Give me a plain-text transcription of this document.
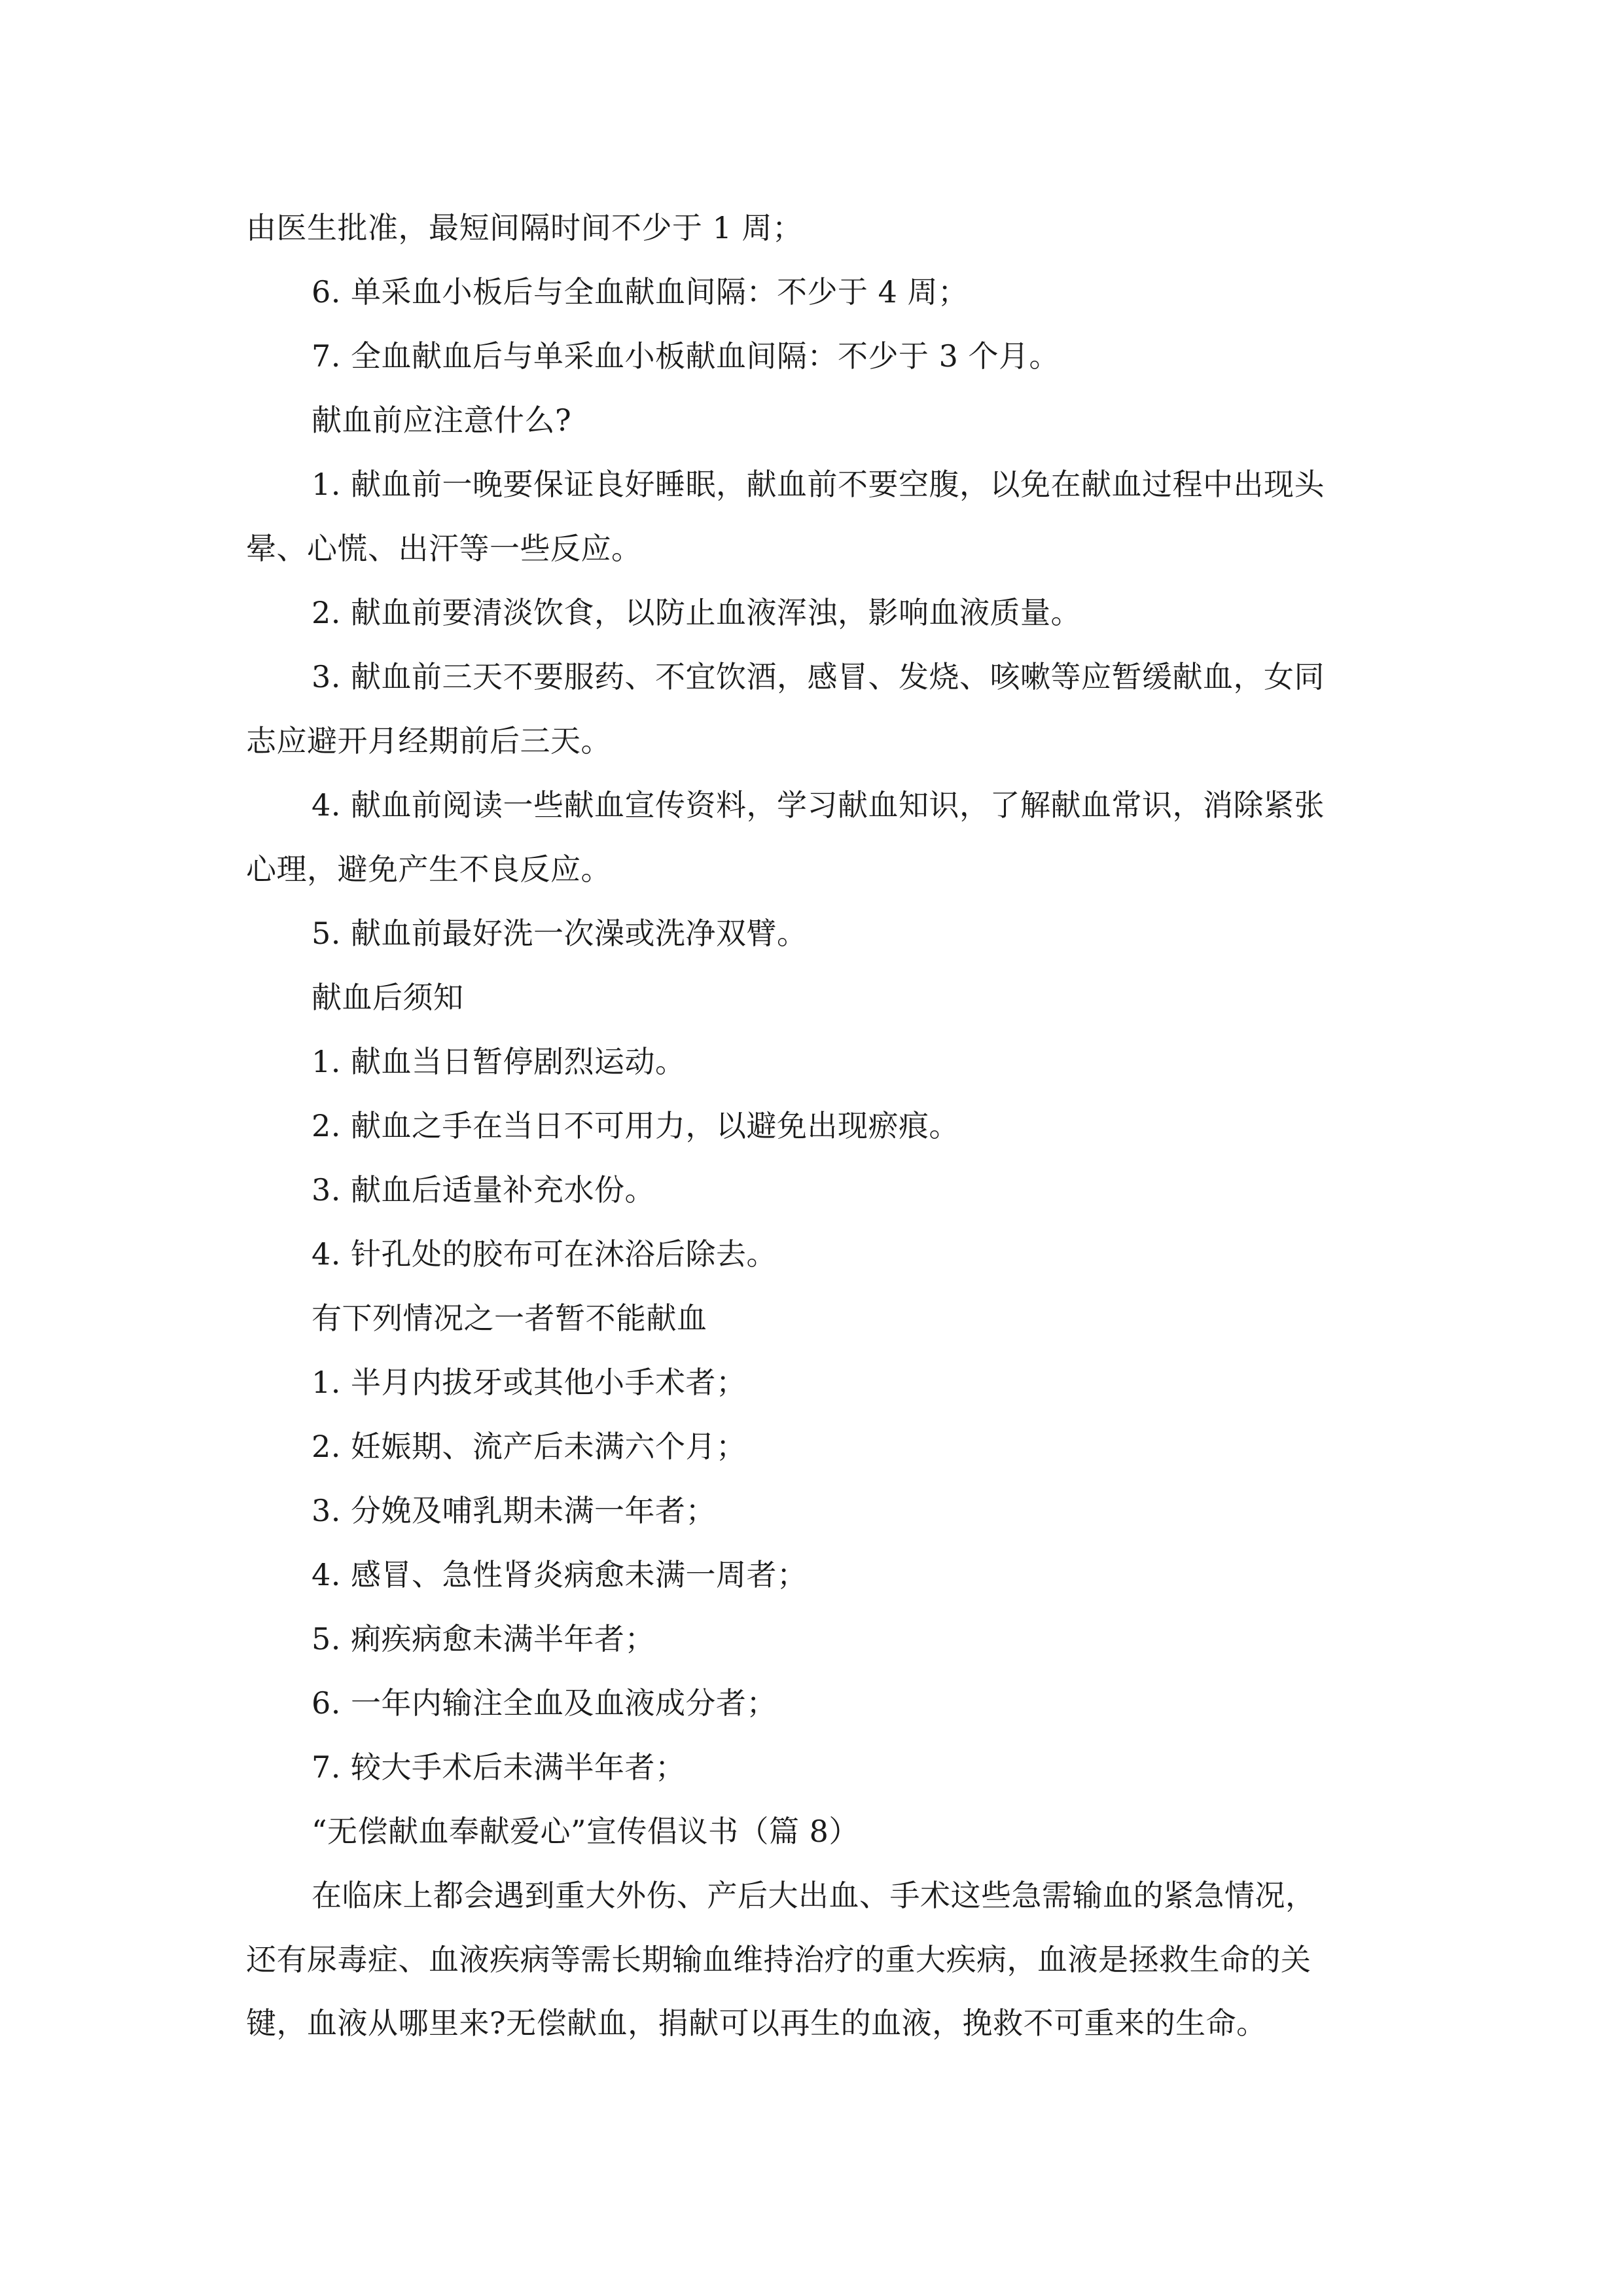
由医生批准，最短间隔时间不少于 1 周；

6. 单采血小板后与全血献血间隔：不少于 4 周；

7. 全血献血后与单采血小板献血间隔：不少于 3 个月。

献血前应注意什么?

1. 献血前一晚要保证良好睡眠，献血前不要空腹，以免在献血过程中出现头

晕、心慌、出汗等一些反应。

2. 献血前要清淡饮食，以防止血液浑浊，影响血液质量。

3. 献血前三天不要服药、不宜饮酒，感冒、发烧、咳嗽等应暂缓献血，女同

志应避开月经期前后三天。

4. 献血前阅读一些献血宣传资料，学习献血知识，了解献血常识，消除紧张

心理，避免产生不良反应。

5. 献血前最好洗一次澡或洗净双臂。

献血后须知

1. 献血当日暂停剧烈运动。

2. 献血之手在当日不可用力，以避免出现瘀痕。

3. 献血后适量补充水份。

4. 针孔处的胶布可在沐浴后除去。

有下列情况之一者暂不能献血

1. 半月内拔牙或其他小手术者；

2. 妊娠期、流产后未满六个月；

3. 分娩及哺乳期未满一年者；

4. 感冒、急性肾炎病愈未满一周者；

5. 痢疾病愈未满半年者；

6. 一年内输注全血及血液成分者；

7. 较大手术后未满半年者；

“无偿献血奉献爱心”宣传倡议书（篇 8）

在临床上都会遇到重大外伤、产后大出血、手术这些急需输血的紧急情况，

还有尿毒症、血液疾病等需长期输血维持治疗的重大疾病，血液是拯救生命的关

键，血液从哪里来?无偿献血，捐献可以再生的血液，挽救不可重来的生命。
